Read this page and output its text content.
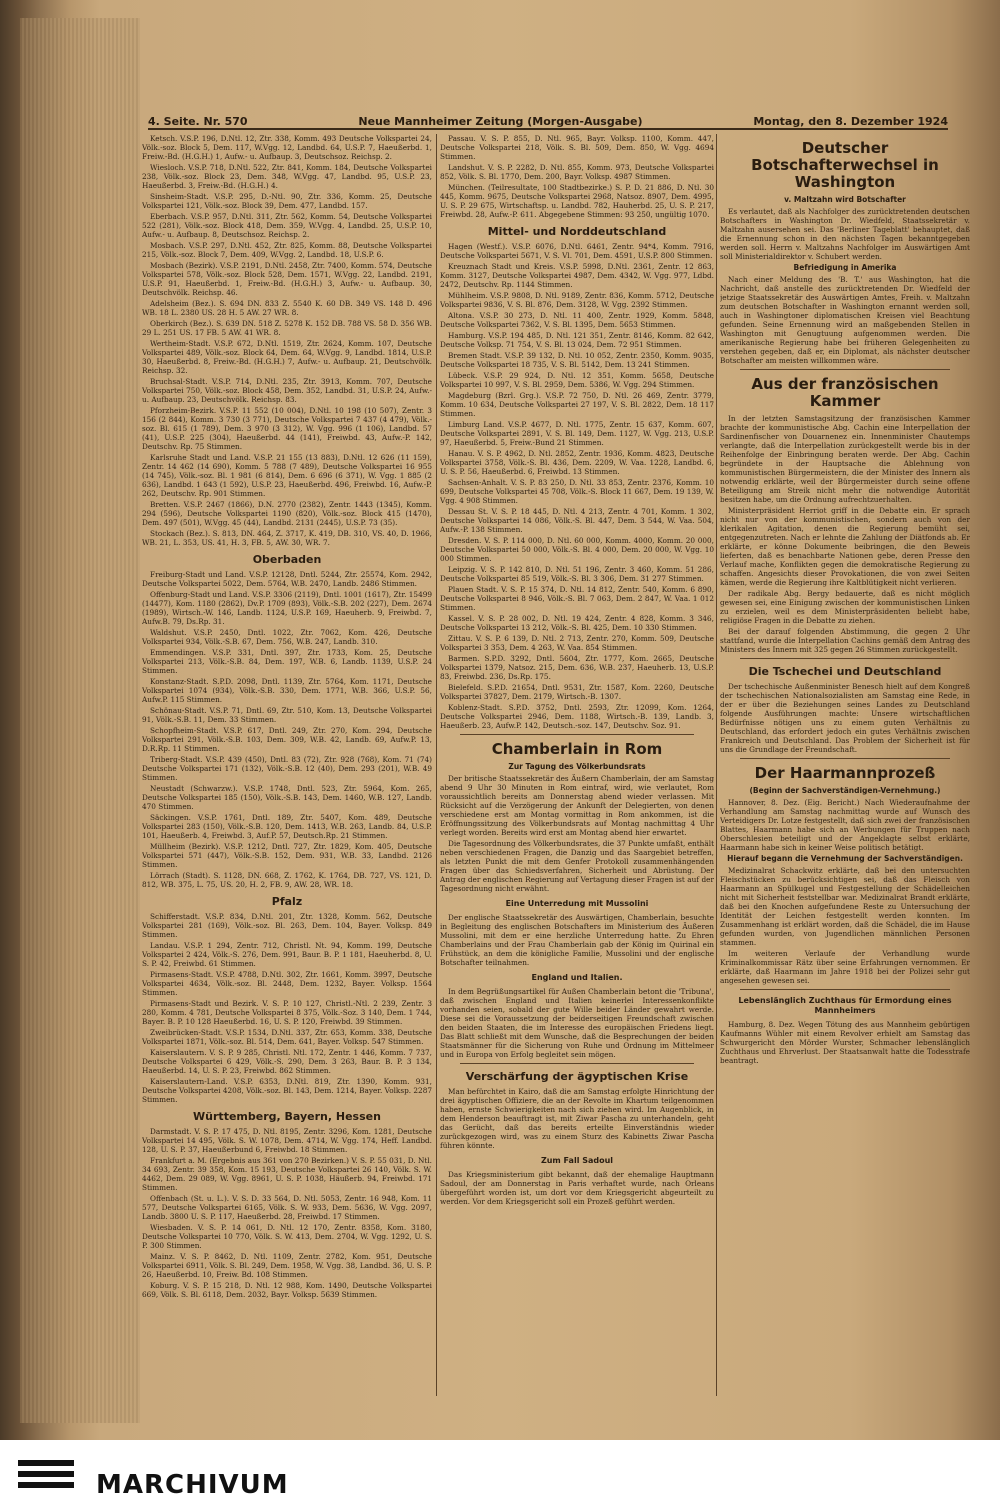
4. Seite. Nr. 570	Neue Mannheimer Zeitung (Morgen-Ausgabe)	Montag, den 8. Dezember 1924

Ketsch. V.S.P. 196, D.Ntl. 12, Ztr. 338, Komm. 493 Deutsche Volkspartei 24, Völk.-soz. Block 5, Dem. 117, W.Vgg. 12, Landbd. 64, U.S.P. 7, Haeußerbd. 1, Freiw.-Bd. (H.G.H.) 1, Aufw.- u. Aufbaup. 3, Deutschsoz. Reichsp. 2.

Wiesloch. V.S.P. 718, D.Ntl. 522, Ztr. 841, Komm. 184, Deutsche Volkspartei 238, Völk.-soz. Block 23, Dem. 348, W.Vgg. 47, Landbd. 95, U.S.P. 23, Haeußerbd. 3, Freiw.-Bd. (H.G.H.) 4.

Sinsheim-Stadt. V.S.P. 295, D.-Ntl. 90, Ztr. 336, Komm. 25, Deutsche Volkspartei 121, Völk.-soz. Block 39, Dem. 477, Landbd. 157.

Eberbach. V.S.P. 957, D.Ntl. 311, Ztr. 562, Komm. 54, Deutsche Volkspartei 522 (281), Völk.-soz. Block 418, Dem. 359, W.Vgg. 4, Landbd. 25, U.S.P. 10, Aufw.- u. Aufbaup. 8, Deutschsoz. Reichsp. 2.

Mosbach. V.S.P. 297, D.Ntl. 452, Ztr. 825, Komm. 88, Deutsche Volkspartei 215, Völk.-soz. Block 7, Dem. 409, W.Vgg. 2, Landbd. 18, U.S.P. 6.

Mosbach (Bezirk). V.S.P. 2191, D.Ntl. 2458, Ztr. 7400, Komm. 574, Deutsche Volkspartei 578, Völk.-soz. Block 528, Dem. 1571, W.Vgg. 22, Landbd. 2191, U.S.P. 91, Haeußerbd. 1, Freiw.-Bd. (H.G.H.) 3, Aufw.- u. Aufbaup. 30, Deutschvölk. Reichsp. 46.

Adelsheim (Bez.). S. 694 DN. 833 Z. 5540 K. 60 DB. 349 VS. 148 D. 496 WB. 18 L. 2380 US. 28 H. 5 AW. 27 WR. 8.

Oberkirch (Bez.). S. 639 DN. 518 Z. 5278 K. 152 DB. 788 VS. 58 D. 356 WB. 29 L. 251 US. 17 FB. 5 AW. 41 WR. 8.

Wertheim-Stadt. V.S.P. 672, D.Ntl. 1519, Ztr. 2624, Komm. 107, Deutsche Volkspartei 489, Völk.-soz. Block 64, Dem. 64, W.Vgg. 9, Landbd. 1814, U.S.P. 30, Haeußerbd. 8, Freiw.-Bd. (H.G.H.) 7, Aufw.- u. Aufbaup. 21, Deutschvölk. Reichsp. 32.

Bruchsal-Stadt. V.S.P. 714, D.Ntl. 235, Ztr. 3913, Komm. 707, Deutsche Volkspartei 750, Völk.-soz. Block 458, Dem. 352, Landbd. 31, U.S.P. 24, Aufw.- u. Aufbaup. 23, Deutschvölk. Reichsp. 83.

Pforzheim-Bezirk. V.S.P. 11 552 (10 004), D.Ntl. 10 198 (10 507), Zentr. 3 156 (2 844), Komm. 3 730 (3 771), Deutsche Volkspartei 7 437 (4 479), Völk.-soz. Bl. 615 (1 789), Dem. 3 970 (3 312), W. Vgg. 996 (1 106), Landbd. 57 (41), U.S.P. 225 (304), Haeußerbd. 44 (141), Freiwbd. 43, Aufw.-P. 142, Deutschv. Rp. 75 Stimmen.

Karlsruhe Stadt und Land. V.S.P. 21 155 (13 883), D.Ntl. 12 626 (11 159), Zentr. 14 462 (14 690), Komm. 5 788 (7 489), Deutsche Volkspartei 16 955 (14 745), Völk.-soz. Bl. 1 981 (6 814), Dem. 6 696 (6 371), W. Vgg. 1 885 (2 636), Landbd. 1 643 (1 592), U.S.P. 23, Haeußerbd. 496, Freiwbd. 16, Aufw.-P. 262, Deutschv. Rp. 901 Stimmen.

Bretten. V.S.P. 2467 (1866), D.N. 2770 (2382), Zentr. 1443 (1345), Komm. 294 (596), Deutsche Volkspartei 1190 (820), Völk.-soz. Block 415 (1470), Dem. 497 (501), W.Vgg. 45 (44), Landbd. 2131 (2445), U.S.P. 73 (35).

Stockach (Bez.). S. 813, DN. 464, Z. 3717, K. 419, DB. 310, VS. 40, D. 1966, WB. 21, L. 353, US. 41, H. 3, FB. 5, AW. 30, WR. 7.

Oberbaden

Freiburg-Stadt und Land. V.S.P. 12128, Dntl. 5244, Ztr. 25574, Kom. 2942, Deutsche Volkspartei 5022, Dem. 5764, W.B. 2470, Landb. 2486 Stimmen.

Offenburg-Stadt und Land. V.S.P. 3306 (2119), Dntl. 1001 (1617), Ztr. 15499 (14477), Kom. 1180 (2862), Dv.P. 1709 (893), Völk.-S.B. 202 (227), Dem. 2674 (1989), Wirtsch.-W. 146, Landb. 1124, U.S.P. 169, Haeuherb. 9, Freiwbd. 7, Aufw.B. 79, Ds.Rp. 31.

Waldshut. V.S.P. 2450, Dntl. 1022, Ztr. 7062, Kom. 426, Deutsche Volkspartei 934, Völk.-S.B. 67, Dem. 756, W.B. 247, Landb. 310.

Emmendingen. V.S.P. 331, Dntl. 397, Ztr. 1733, Kom. 25, Deutsche Volkspartei 213, Völk.-S.B. 84, Dem. 197, W.B. 6, Landb. 1139, U.S.P. 24 Stimmen.

Konstanz-Stadt. S.P.D. 2098, Dntl. 1139, Ztr. 5764, Kom. 1171, Deutsche Volkspartei 1074 (934), Völk.-S.B. 330, Dem. 1771, W.B. 366, U.S.P. 56, Aufw.P. 115 Stimmen.

Schönau-Stadt. V.S.P. 71, Dntl. 69, Ztr. 510, Kom. 13, Deutsche Volkspartei 91, Völk.-S.B. 11, Dem. 33 Stimmen.

Schopfheim-Stadt. V.S.P. 617, Dntl. 249, Ztr. 270, Kom. 294, Deutsche Volkspartei 291, Völk.-S.B. 103, Dem. 309, W.B. 42, Landb. 69, Aufw.P. 13, D.R.Rp. 11 Stimmen.

Triberg-Stadt. V.S.P. 439 (450), Dntl. 83 (72), Ztr. 928 (768), Kom. 71 (74) Deutsche Volkspartei 171 (132), Völk.-S.B. 12 (40), Dem. 293 (201), W.B. 49 Stimmen.

Neustadt (Schwarzw.). V.S.P. 1748, Dntl. 523, Ztr. 5964, Kom. 265, Deutsche Volkspartei 185 (150), Völk.-S.B. 143, Dem. 1460, W.B. 127, Landb. 470 Stimmen.

Säckingen. V.S.P. 1761, Dntl. 189, Ztr. 5407, Kom. 489, Deutsche Volkspartei 283 (150), Völk.-S.B. 120, Dem. 1413, W.B. 263, Landb. 84, U.S.P. 101, Haeußerb. 4, Freiwbd. 3, Auf.P. 57, Deutsch.Rp. 21 Stimmen.

Müllheim (Bezirk). V.S.P. 1212, Dntl. 727, Ztr. 1829, Kom. 405, Deutsche Volkspartei 571 (447), Völk.-S.B. 152, Dem. 931, W.B. 33, Landbd. 2126 Stimmen.

Lörrach (Stadt). S. 1128, DN. 668, Z. 1762, K. 1764, DB. 727, VS. 121, D. 812, WB. 375, L. 75, US. 20, H. 2, FB. 9, AW. 28, WR. 18.

Pfalz

Schifferstadt. V.S.P. 834, D.Ntl. 201, Ztr. 1328, Komm. 562, Deutsche Volkspartei 281 (169), Völk.-soz. Bl. 263, Dem. 104, Bayer. Volksp. 849 Stimmen.

Landau. V.S.P. 1 294, Zentr. 712, Christl. Nt. 94, Komm. 199, Deutsche Volkspartei 2 424, Völk.-S. 276, Dem. 991, Baur. B. P. 1 181, Haeuherbd. 8, U. S. P. 42, Freiwbd. 61 Stimmen.

Pirmasens-Stadt. V.S.P. 4788, D.Ntl. 302, Ztr. 1661, Komm. 3997, Deutsche Volkspartei 4634, Völk.-soz. Bl. 2448, Dem. 1232, Bayer. Volksp. 1564 Stimmen.

Pirmasens-Stadt und Bezirk. V. S. P. 10 127, Christl.-Ntl. 2 239, Zentr. 3 280, Komm. 4 781, Deutsche Volkspartei 8 375, Völk.-Soz. 3 140, Dem. 1 744, Bayer. B. P. 10 128 Haeußerbd. 16, U. S. P. 120, Freiwbd. 39 Stimmen.

Zweibrücken-Stadt. V.S.P. 1534, D.Ntl. 337, Ztr. 653, Komm. 338, Deutsche Volkspartei 1871, Völk.-soz. Bl. 514, Dem. 641, Bayer. Volksp. 547 Stimmen.

Kaiserslautern. V. S. P. 9 285, Christl. Ntl. 172, Zentr. 1 446, Komm. 7 737, Deutsche Volkspartei 6 429, Völk.-S. 290, Dem. 3 263, Baur. B. P. 3 134, Haeußerbd. 14, U. S. P. 23, Freiwbd. 862 Stimmen.

Kaiserslautern-Land. V.S.P. 6353, D.Ntl. 819, Ztr. 1390, Komm. 931, Deutsche Volkspartei 4208, Völk.-soz. Bl. 143, Dem. 1214, Bayer. Volksp. 2287 Stimmen.

Württemberg, Bayern, Hessen

Darmstadt. V. S. P. 17 475, D. Ntl. 8195, Zentr. 3296, Kom. 1281, Deutsche Volkspartei 14 495, Völk. S. W. 1078, Dem. 4714, W. Vgg. 174, Heff. Landbd. 128, U. S. P. 37, Haeußerbund 6, Freiwbd. 18 Stimmen.

Frankfurt a. M. (Ergebnis aus 361 von 270 Bezirken.) V. S. P. 55 031, D. Ntl. 34 693, Zentr. 39 358, Kom. 15 193, Deutsche Volkspartei 26 140, Völk. S. W. 4462, Dem. 29 089, W. Vgg. 8961, U. S. P. 1038, Häußerb. 94, Freiwbd. 171 Stimmen.

Offenbach (St. u. L.). V. S. D. 33 564, D. Ntl. 5053, Zentr. 16 948, Kom. 11 577, Deutsche Volkspartei 6165, Völk. S. W. 933, Dem. 5636, W. Vgg. 2097, Landb. 3800 U. S. P. 117, Haeußerbd. 28, Freiwbd. 17 Stimmen.

Wiesbaden. V. S. P. 14 061, D. Ntl. 12 170, Zentr. 8358, Kom. 3180, Deutsche Volkspartei 10 770, Völk. S. W. 413, Dem. 2704, W. Vgg. 1292, U. S. P. 300 Stimmen.

Mainz. V. S. P. 8462, D. Ntl. 1109, Zentr. 2782, Kom. 951, Deutsche Volkspartei 6911, Völk. S. Bl. 249, Dem. 1958, W. Vgg. 38, Landbd. 36, U. S. P. 26, Haeußerbd. 10, Freiw. Bd. 108 Stimmen.

Koburg. V. S. P. 15 218, D. Ntl. 12 988, Kom. 1490, Deutsche Volkspartei 669, Völk. S. Bl. 6118, Dem. 2032, Bayr. Volksp. 5639 Stimmen.

Passau. V. S. P. 855, D. Ntl. 965, Bayr. Volksp. 1100, Komm. 447, Deutsche Volkspartei 218, Völk. S. Bl. 509, Dem. 850, W. Vgg. 4694 Stimmen.

Landshut. V. S. P. 2282, D. Ntl. 855, Komm. 973, Deutsche Volkspartei 852, Völk. S. Bl. 1770, Dem. 200, Bayr. Volksp. 4987 Stimmen.

München. (Teilresultate, 100 Stadtbezirke.) S. P. D. 21 886, D. Ntl. 30 445, Komm. 9675, Deutsche Volkspartei 2968, Natsoz. 8907, Dem. 4995, U. S. P. 29 675, Wirtschaftsp. u. Landbd. 782, Hauherbd. 25, U. S. P. 217, Freiwbd. 28, Aufw.-P. 611. Abgegebene Stimmen: 93 250, ungültig 1070.

Mittel- und Norddeutschland

Hagen (Westf.). V.S.P. 6076, D.Ntl. 6461, Zentr. 94*4, Komm. 7916, Deutsche Volkspartei 5671, V. S. Vl. 701, Dem. 4591, U.S.P. 800 Stimmen.

Kreuznach Stadt und Kreis. V.S.P. 5998, D.Ntl. 2361, Zentr. 12 863, Komm. 3127, Deutsche Volkspartei 4987, Dem. 4342, W. Vgg. 977, Ldbd. 2472, Deutschv. Rp. 1144 Stimmen.

Mühlheim. V.S.P. 9808, D. Ntl. 9189, Zentr. 836, Komm. 5712, Deutsche Volkspartei 9836, V. S. Bl. 876, Dem. 3128, W. Vgg. 2392 Stimmen.

Altona. V.S.P. 30 273, D. Ntl. 11 400, Zentr. 1929, Komm. 5848, Deutsche Volkspartei 7362, V. S. Bl. 1395, Dem. 5653 Stimmen.

Hamburg. V.S.P. 194 485, D. Ntl. 121 351, Zentr. 8146, Komm. 82 642, Deutsche Volksp. 71 754, V. S. Bl. 13 024, Dem. 72 951 Stimmen.

Bremen Stadt. V.S.P. 39 132, D. Ntl. 10 052, Zentr. 2350, Komm. 9035, Deutsche Volkspartei 18 735, V. S. Bl. 5142, Dem. 13 241 Stimmen.

Lübeck. V.S.P. 29 924, D. Ntl. 12 351, Komm. 5658, Deutsche Volkspartei 10 997, V. S. Bl. 2959, Dem. 5386, W. Vgg. 294 Stimmen.

Magdeburg (Bzrl. Grg.). V.S.P. 72 750, D. Ntl. 26 469, Zentr. 3779, Komm. 10 634, Deutsche Volkspartei 27 197, V. S. Bl. 2822, Dem. 18 117 Stimmen.

Limburg Land. V.S.P. 4677, D. Ntl. 1775, Zentr. 15 637, Komm. 607, Deutsche Volkspartei 2891, V. S. Bl. 149, Dem. 1127, W. Vgg. 213, U.S.P. 97, Haeußerbd. 5, Freiw.-Bund 21 Stimmen.

Hanau. V. S. P. 4962, D. Ntl. 2852, Zentr. 1936, Komm. 4823, Deutsche Volkspartei 3758, Völk.-S. Bl. 436, Dem. 2209, W. Vaa. 1228, Landbd. 6, U. S. P. 56, Haeußerbd. 6, Freiwbd. 13 Stimmen.

Sachsen-Anhalt. V. S. P. 83 250, D. Ntl. 33 853, Zentr. 2376, Komm. 10 699, Deutsche Volkspartei 45 708, Völk.-S. Block 11 667, Dem. 19 139, W. Vgg. 4 908 Stimmen.

Dessau St. V. S. P. 18 445, D. Ntl. 4 213, Zentr. 4 701, Komm. 1 302, Deutsche Volkspartei 14 086, Völk.-S. Bl. 447, Dem. 3 544, W. Vaa. 504, Aufw.-P. 138 Stimmen.

Dresden. V. S. P. 114 000, D. Ntl. 60 000, Komm. 4000, Komm. 20 000, Deutsche Volkspartei 50 000, Völk.-S. Bl. 4 000, Dem. 20 000, W. Vgg. 10 000 Stimmen.

Leipzig. V. S. P. 142 810, D. Ntl. 51 196, Zentr. 3 460, Komm. 51 286, Deutsche Volkspartei 85 519, Völk.-S. Bl. 3 306, Dem. 31 277 Stimmen.

Plauen Stadt. V. S. P. 15 374, D. Ntl. 14 812, Zentr. 540, Komm. 6 890, Deutsche Volkspartei 8 946, Völk.-S. Bl. 7 063, Dem. 2 847, W. Vaa. 1 012 Stimmen.

Kassel. V. S. P. 28 002, D. Ntl. 19 424, Zentr. 4 828, Komm. 3 346, Deutsche Volkspartei 13 212, Völk.-S. Bl. 425, Dem. 10 330 Stimmen.

Zittau. V. S. P. 6 139, D. Ntl. 2 713, Zentr. 270, Komm. 509, Deutsche Volkspartei 3 353, Dem. 4 263, W. Vaa. 854 Stimmen.

Barmen. S.P.D. 3292, Dntl. 5604, Ztr. 1777, Kom. 2665, Deutsche Volkspartei 1379, Natsoz. 215, Dem. 636, W.B. 237, Haeuherb. 13, U.S.P. 83, Freiwbd. 236, Ds.Rp. 175.

Bielefeld. S.P.D. 21654, Dntl. 9531, Ztr. 1587, Kom. 2260, Deutsche Volkspartei 37827, Dem. 2179, Wirtsch.-B. 1307.

Koblenz-Stadt. S.P.D. 3752, Dntl. 2593, Ztr. 12099, Kom. 1264, Deutsche Volkspartei 2946, Dem. 1188, Wirtsch.-B. 139, Landb. 3, Haeußerb. 23, Aufw.P. 142, Deutsch.-soz. 147, Deutschv. Soz. 91.

Chamberlain in Rom
Zur Tagung des Völkerbundsrats

Der britische Staatssekretär des Äußern Chamberlain, der am Samstag abend 9 Uhr 30 Minuten in Rom eintraf, wird, wie verlautet, Rom voraussichtlich bereits am Donnerstag abend wieder verlassen. Mit Rücksicht auf die Verzögerung der Ankunft der Delegierten, von denen verschiedene erst am Montag vormittag in Rom ankommen, ist die Eröffnungssitzung des Völkerbundsrats auf Montag nachmittag 4 Uhr verlegt worden. Bereits wird erst am Montag abend hier erwartet.

Die Tagesordnung des Völkerbundsrates, die 37 Punkte umfaßt, enthält neben verschiedenen Fragen, die Danzig und das Saargebiet betreffen, als letzten Punkt die mit dem Genfer Protokoll zusammenhängenden Fragen über das Schiedsverfahren, Sicherheit und Abrüstung. Der Antrag der englischen Regierung auf Vertagung dieser Fragen ist auf der Tagesordnung nicht erwähnt.

Eine Unterredung mit Mussolini

Der englische Staatssekretär des Auswärtigen, Chamberlain, besuchte in Begleitung des englischen Botschafters im Ministerium des Äußeren Mussolini, mit dem er eine herzliche Unterredung hatte. Zu Ehren Chamberlains und der Frau Chamberlain gab der König im Quirinal ein Frühstück, an dem die königliche Familie, Mussolini und der englische Botschafter teilnahmen.

England und Italien.

In dem Begrüßungsartikel für Außen Chamberlain betont die 'Tribuna', daß zwischen England und Italien keinerlei Interessenkonflikte vorhanden seien, sobald der gute Wille beider Länder gewahrt werde. Diese sei die Voraussetzung der beiderseitigen Freundschaft zwischen den beiden Staaten, die im Interesse des europäischen Friedens liegt. Das Blatt schließt mit dem Wunsche, daß die Besprechungen der beiden Staatsmänner für die Sicherung von Ruhe und Ordnung im Mittelmeer und in Europa von Erfolg begleitet sein mögen.

Verschärfung der ägyptischen Krise

Man befürchtet in Kairo, daß die am Samstag erfolgte Hinrichtung der drei ägyptischen Offiziere, die an der Revolte im Khartum teilgenommen haben, ernste Schwierigkeiten nach sich ziehen wird. Im Augenblick, in dem Henderson beauftragt ist, mit Ziwar Pascha zu unterhandeln, geht das Gerücht, daß das bereits erteilte Einverständnis wieder zurückgezogen wird, was zu einem Sturz des Kabinetts Ziwar Pascha führen könnte.

Zum Fall Sadoul

Das Kriegsministerium gibt bekannt, daß der ehemalige Hauptmann Sadoul, der am Donnerstag in Paris verhaftet wurde, nach Orleans übergeführt worden ist, um dort vor dem Kriegsgericht abgeurteilt zu werden. Vor dem Kriegsgericht soll ein Prozeß geführt werden.

Deutscher Botschafterwechsel in Washington
v. Maltzahn wird Botschafter

Es verlautet, daß als Nachfolger des zurücktretenden deutschen Botschafters in Washington Dr. Wiedfeld, Staatssekretär v. Maltzahn ausersehen sei. Das 'Berliner Tageblatt' behauptet, daß die Ernennung schon in den nächsten Tagen bekanntgegeben werden soll. Herrn v. Maltzahns Nachfolger im Auswärtigen Amt soll Ministerialdirektor v. Schubert werden.

Befriedigung in Amerika

Nach einer Meldung des 'B. T.' aus Washington, hat die Nachricht, daß anstelle des zurücktretenden Dr. Wiedfeld der jetzige Staatssekretär des Auswärtigen Amtes, Freih. v. Maltzahn zum deutschen Botschafter in Washington ernannt werden soll, auch in Washingtoner diplomatischen Kreisen viel Beachtung gefunden. Seine Ernennung wird an maßgebenden Stellen in Washington mit Genugtuung aufgenommen werden. Die amerikanische Regierung habe bei früheren Gelegenheiten zu verstehen gegeben, daß er, ein Diplomat, als nächster deutscher Botschafter am meisten willkommen wäre.

Aus der französischen Kammer

In der letzten Samstagsitzung der französischen Kammer brachte der kommunistische Abg. Cachin eine Interpellation der Sardinenfischer von Douarnenez ein. Innenminister Chautemps verlangte, daß die Interpellation zurückgestellt werde bis in der Reihenfolge der Einbringung beraten werde. Der Abg. Cachin begründete in der Hauptsache die Ablehnung von kommunistischen Bürgermeistern, die der Minister des Innern als notwendig erklärte, weil der Bürgermeister durch seine offene Beteiligung am Streik nicht mehr die notwendige Autorität besitzen habe, um die Ordnung aufrechtzuerhalten.

Ministerpräsident Herriot griff in die Debatte ein. Er sprach nicht nur von der kommunistischen, sondern auch von der klerikalen Agitation, denen die Regierung bemüht sei, entgegenzutreten. Nach er lehnte die Zahlung der Diätfonds ab. Er erklärte, er könne Dokumente beibringen, die den Beweis lieferten, daß es benachbarte Nationen gebe, deren Presse den Verlauf mache, Konflikten gegen die demokratische Regierung zu schaffen. Angesichts dieser Provokationen, die von zwei Seiten kämen, werde die Regierung ihre Kaltblütigkeit nicht verlieren.

Der radikale Abg. Bergy bedauerte, daß es nicht möglich gewesen sei, eine Einigung zwischen der kommunistischen Linken zu erzielen, weil es dem Ministerpräsidenten beliebt habe, religiöse Fragen in die Debatte zu ziehen.

Bei der darauf folgenden Abstimmung, die gegen 2 Uhr stattfand, wurde die Interpellation Cachins gemäß dem Antrag des Ministers des Innern mit 325 gegen 26 Stimmen zurückgestellt.

Die Tschechei und Deutschland

Der tschechische Außenminister Benesch hielt auf dem Kongreß der tschechischen Nationalsozialisten am Samstag eine Rede, in der er über die Beziehungen seines Landes zu Deutschland folgende Ausführungen machte: Unsere wirtschaftlichen Bedürfnisse nötigen uns zu einem guten Verhältnis zu Deutschland, das erfordert jedoch ein gutes Verhältnis zwischen Frankreich und Deutschland. Das Problem der Sicherheit ist für uns die Grundlage der Freundschaft.

Der Haarmannprozeß
(Beginn der Sachverständigen-Vernehmung.)

Hannover, 8. Dez. (Eig. Bericht.) Nach Wiederaufnahme der Verhandlung am Samstag nachmittag wurde auf Wunsch des Verteidigers Dr. Lotze festgestellt, daß sich zwei der französischen Blattes, Haarmann habe sich an Werbungen für Truppen nach Oberschlesien beteiligt und der Angeklagte selbst erklärte, Haarmann habe sich in keiner Weise politisch betätigt.

Hierauf begann die Vernehmung der Sachverständigen.

Medizinalrat Schackwitz erklärte, daß bei den untersuchten Fleischstücken zu berücksichtigen sei, daß das Fleisch von Haarmann an Spülkugel und Festgestellung der Schädelleichen nicht mit Sicherheit feststellbar war. Medizinalrat Brandt erklärte, daß bei den Knochen aufgefundene Reste zu Untersuchung der Identität der Leichen festgestellt werden konnten. Im Zusammenhang ist erklärt worden, daß die Schädel, die im Hause gefunden wurden, von Jugendlichen männlichen Personen stammen.

Im weiteren Verlaufe der Verhandlung wurde Kriminalkommissar Rätz über seine Erfahrungen vernommen. Er erklärte, daß Haarmann im Jahre 1918 bei der Polizei sehr gut angesehen gewesen sei.

Lebenslänglich Zuchthaus für Ermordung eines Mannheimers

Hamburg, 8. Dez. Wegen Tötung des aus Mannheim gebürtigen Kaufmanns Wühler mit einem Revolver erhielt am Samstag das Schwurgericht den Mörder Wurster, Schmacher lebenslänglich Zuchthaus und Ehrverlust. Der Staatsanwalt hatte die Todesstrafe beantragt.

MARCHIVUM
